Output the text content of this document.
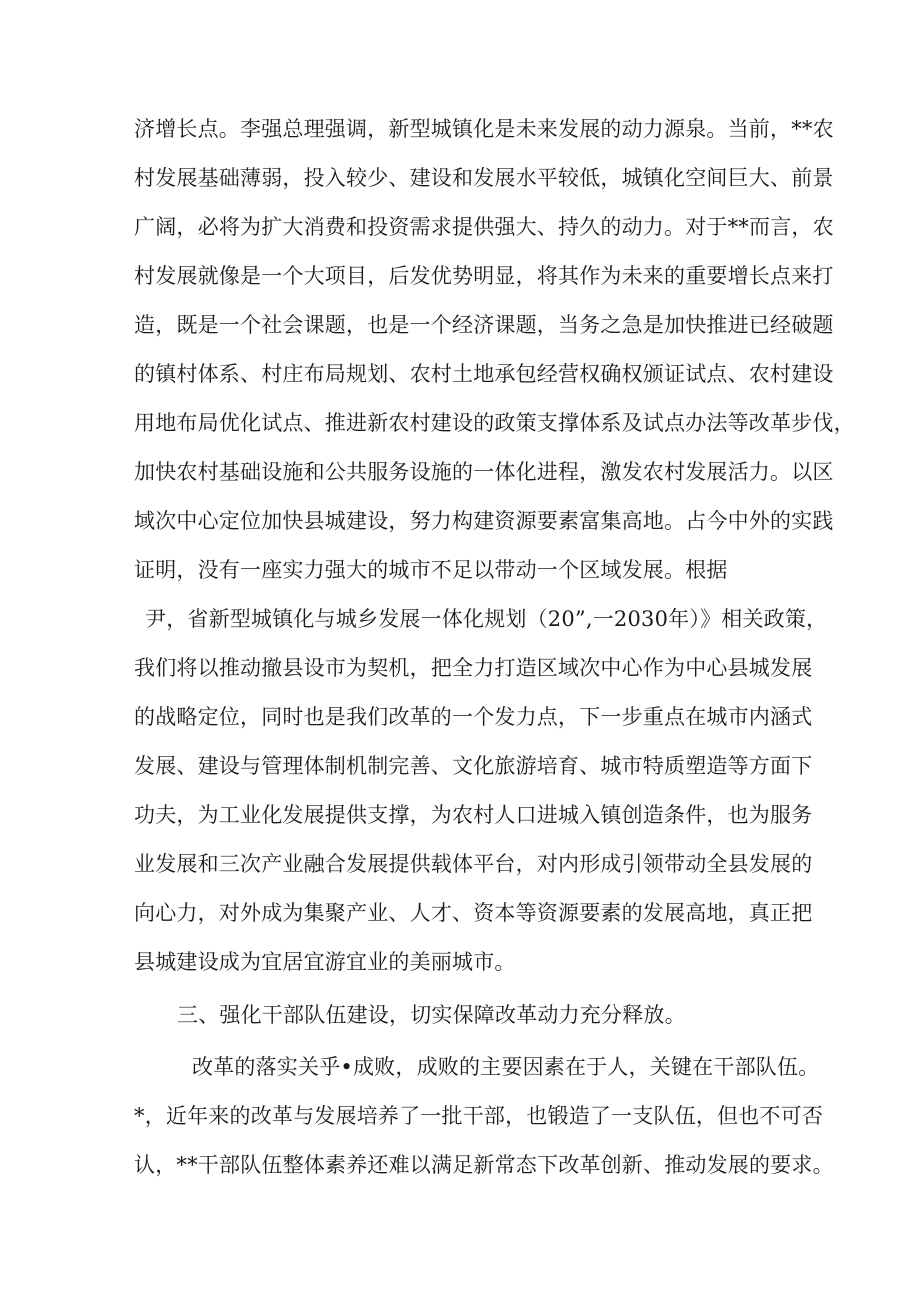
济增长点。李强总理强调，新型城镇化是未来发展的动力源泉。当前，**农

村发展基础薄弱，投入较少、建设和发展水平较低，城镇化空间巨大、前景

广阔，必将为扩大消费和投资需求提供强大、持久的动力。对于**而言，农

村发展就像是一个大项目，后发优势明显，将其作为未来的重要增长点来打

造，既是一个社会课题，也是一个经济课题，当务之急是加快推进已经破题

的镇村体系、村庄布局规划、农村土地承包经营权确权颁证试点、农村建设

用地布局优化试点、推进新农村建设的政策支撑体系及试点办法等改革步伐，

加快农村基础设施和公共服务设施的一体化进程，激发农村发展活力。以区

域次中心定位加快县城建设，努力构建资源要素富集高地。占今中外的实践

证明，没有一座实力强大的城市不足以带动一个区域发展。根据

尹，省新型城镇化与城乡发展一体化规划（20”,一2030年）》相关政策，

我们将以推动撤县设市为契机，把全力打造区域次中心作为中心县城发展

的战略定位，同时也是我们改革的一个发力点，下一步重点在城市内涵式

发展、建设与管理体制机制完善、文化旅游培育、城市特质塑造等方面下

功夫，为工业化发展提供支撑，为农村人口进城入镇创造条件，也为服务

业发展和三次产业融合发展提供载体平台，对内形成引领带动全县发展的

向心力，对外成为集聚产业、人才、资本等资源要素的发展高地，真正把

县城建设成为宜居宜游宜业的美丽城市。

三、强化干部队伍建设，切实保障改革动力充分释放。

改革的落实关乎•成败，成败的主要因素在于人，关键在干部队伍。

*，近年来的改革与发展培养了一批干部，也锻造了一支队伍，但也不可否

认，**干部队伍整体素养还难以满足新常态下改革创新、推动发展的要求。
